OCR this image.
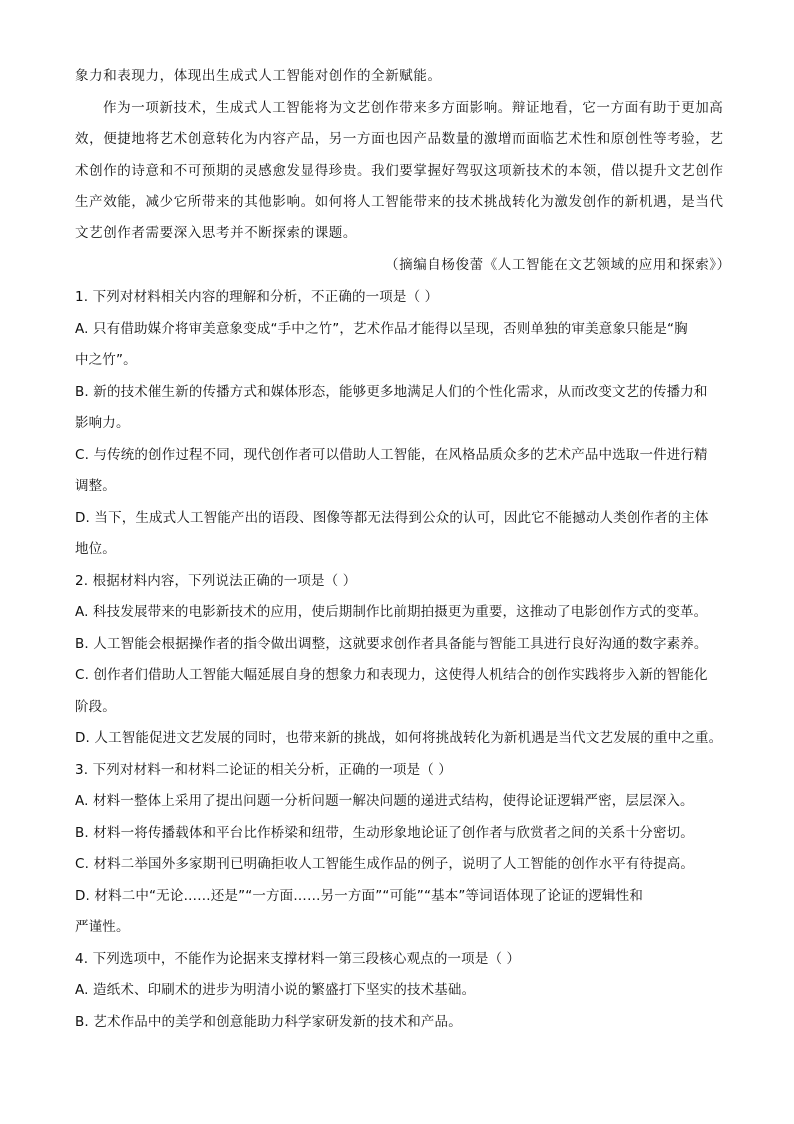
象力和表现力，体现出生成式人工智能对创作的全新赋能。
作为一项新技术，生成式人工智能将为文艺创作带来多方面影响。辩证地看，它一方面有助于更加高
效，便捷地将艺术创意转化为内容产品，另一方面也因产品数量的激增而面临艺术性和原创性等考验，艺
术创作的诗意和不可预期的灵感愈发显得珍贵。我们要掌握好驾驭这项新技术的本领，借以提升文艺创作
生产效能，减少它所带来的其他影响。如何将人工智能带来的技术挑战转化为激发创作的新机遇，是当代
文艺创作者需要深入思考并不断探索的课题。
（摘编自杨俊蕾《人工智能在文艺领域的应用和探索》）
1. 下列对材料相关内容的理解和分析，不正确的一项是（ ）
A. 只有借助媒介将审美意象变成“手中之竹”，艺术作品才能得以呈现，否则单独的审美意象只能是“胸
中之竹”。
B. 新的技术催生新的传播方式和媒体形态，能够更多地满足人们的个性化需求，从而改变文艺的传播力和
影响力。
C. 与传统的创作过程不同，现代创作者可以借助人工智能，在风格品质众多的艺术产品中选取一件进行精
调整。
D. 当下，生成式人工智能产出的语段、图像等都无法得到公众的认可，因此它不能撼动人类创作者的主体
地位。
2. 根据材料内容，下列说法正确的一项是（ ）
A. 科技发展带来的电影新技术的应用，使后期制作比前期拍摄更为重要，这推动了电影创作方式的变革。
B. 人工智能会根据操作者的指令做出调整，这就要求创作者具备能与智能工具进行良好沟通的数字素养。
C. 创作者们借助人工智能大幅延展自身的想象力和表现力，这使得人机结合的创作实践将步入新的智能化
阶段。
D. 人工智能促进文艺发展的同时，也带来新的挑战，如何将挑战转化为新机遇是当代文艺发展的重中之重。
3. 下列对材料一和材料二论证的相关分析，正确的一项是（ ）
A. 材料一整体上采用了提出问题一分析问题一解决问题的递进式结构，使得论证逻辑严密，层层深入。
B. 材料一将传播载体和平台比作桥梁和纽带，生动形象地论证了创作者与欣赏者之间的关系十分密切。
C. 材料二举国外多家期刊已明确拒收人工智能生成作品的例子，说明了人工智能的创作水平有待提高。
D. 材料二中“无论……还是”“一方面……另一方面”“可能”“基本”等词语体现了论证的逻辑性和
严谨性。
4. 下列选项中，不能作为论据来支撑材料一第三段核心观点的一项是（ ）
A. 造纸术、印刷术的进步为明清小说的繁盛打下坚实的技术基础。
B. 艺术作品中的美学和创意能助力科学家研发新的技术和产品。
